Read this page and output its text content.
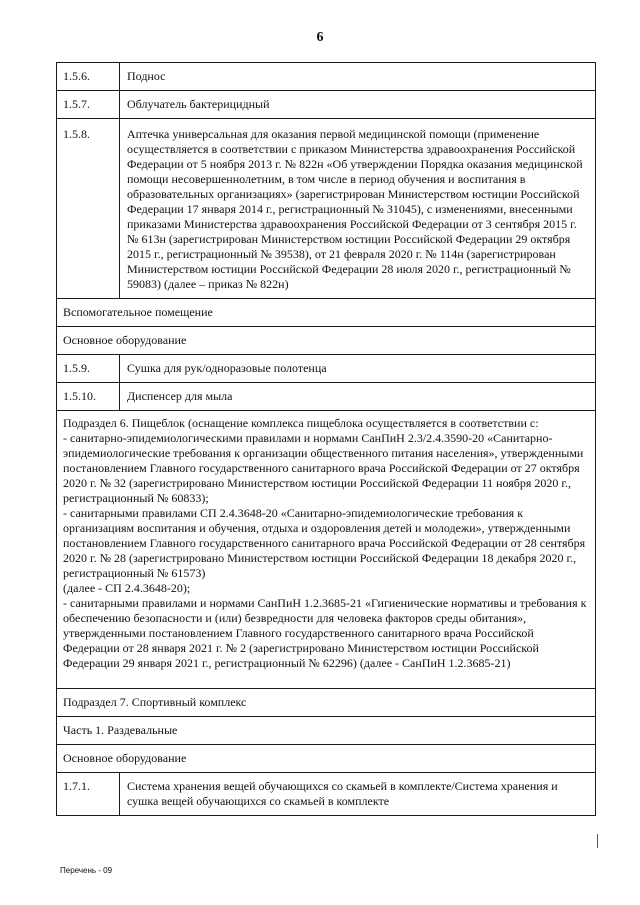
6
1.5.6.	Поднос
1.5.7.	Облучатель бактерицидный
1.5.8.	Аптечка универсальная для оказания первой медицинской помощи (применение осуществляется в соответствии с приказом Министерства здравоохранения Российской Федерации от 5 ноября 2013 г. № 822н «Об утверждении Порядка оказания медицинской помощи несовершеннолетним, в том числе в период обучения и воспитания в образовательных организациях» (зарегистрирован Министерством юстиции Российской Федерации 17 января 2014 г., регистрационный № 31045), с изменениями, внесенными приказами Министерства здравоохранения Российской Федерации от 3 сентября 2015 г. № 613н (зарегистрирован Министерством юстиции Российской Федерации 29 октября 2015 г., регистрационный № 39538), от 21 февраля 2020 г. № 114н (зарегистрирован Министерством юстиции Российской Федерации 28 июля 2020 г., регистрационный № 59083) (далее – приказ № 822н)
Вспомогательное помещение	
Основное оборудование	
1.5.9.	Сушка для рук/одноразовые полотенца
1.5.10.	Диспенсер для мыла
Подраздел 6. Пищеблок (оснащение комплекса пищеблока осуществляется в соответствии с:
- санитарно-эпидемиологическими правилами и нормами СанПиН 2.3/2.4.3590-20 «Санитарно-эпидемиологические требования к организации общественного питания населения», утвержденными постановлением Главного государственного санитарного врача Российской Федерации от 27 октября 2020 г. № 32 (зарегистрировано Министерством юстиции Российской Федерации 11 ноября 2020 г., регистрационный № 60833);
- санитарными правилами СП 2.4.3648-20 «Санитарно-эпидемиологические требования к организациям воспитания и обучения, отдыха и оздоровления детей и молодежи», утвержденными постановлением Главного государственного санитарного врача Российской Федерации от 28 сентября 2020 г. № 28 (зарегистрировано Министерством юстиции Российской Федерации 18 декабря 2020 г., регистрационный № 61573)
(далее - СП 2.4.3648-20);
- санитарными правилами и нормами СанПиН 1.2.3685-21 «Гигиенические нормативы и требования к обеспечению безопасности и (или) безвредности для человека факторов среды обитания», утвержденными постановлением Главного государственного санитарного врача Российской Федерации от 28 января 2021 г. № 2 (зарегистрировано Министерством юстиции Российской Федерации 29 января 2021 г., регистрационный № 62296) (далее - СанПиН 1.2.3685-21)	
Подраздел 7. Спортивный комплекс	
Часть 1. Раздевальные	
Основное оборудование	
1.7.1.	Система хранения вещей обучающихся со скамьей в комплекте/Система хранения и сушка вещей обучающихся со скамьей в комплекте
Перечень - 09
